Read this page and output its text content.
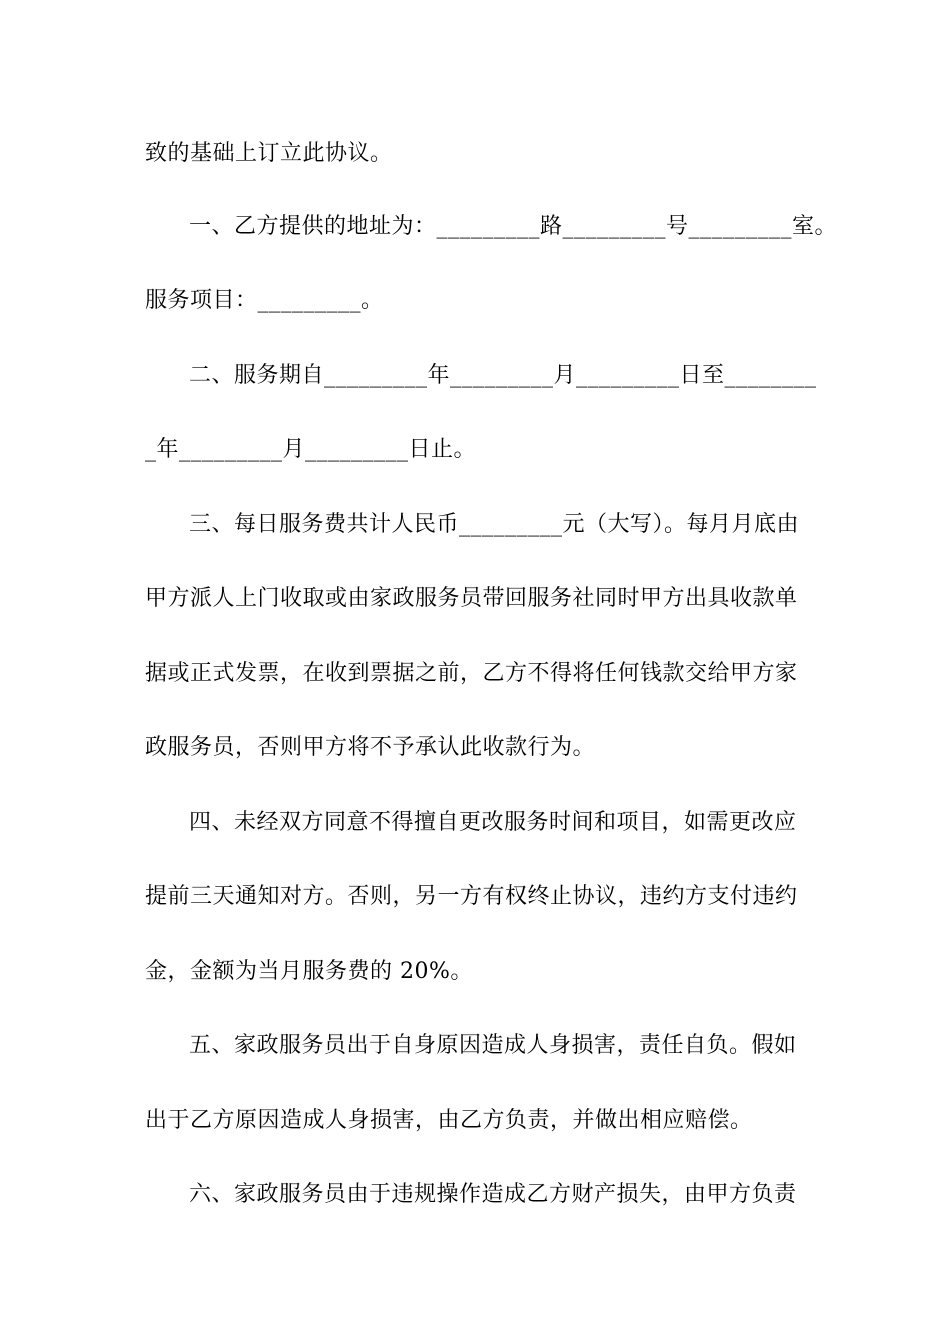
致的基础上订立此协议。
一、乙方提供的地址为：_________路_________号_________室。
服务项目：_________。
二、服务期自_________年_________月_________日至________
_年_________月_________日止。
三、每日服务费共计人民币_________元（大写）。每月月底由
甲方派人上门收取或由家政服务员带回服务社同时甲方出具收款单
据或正式发票，在收到票据之前，乙方不得将任何钱款交给甲方家
政服务员，否则甲方将不予承认此收款行为。
四、未经双方同意不得擅自更改服务时间和项目，如需更改应
提前三天通知对方。否则，另一方有权终止协议，违约方支付违约
金，金额为当月服务费的 20%。
五、家政服务员出于自身原因造成人身损害，责任自负。假如
出于乙方原因造成人身损害，由乙方负责，并做出相应赔偿。
六、家政服务员由于违规操作造成乙方财产损失，由甲方负责
